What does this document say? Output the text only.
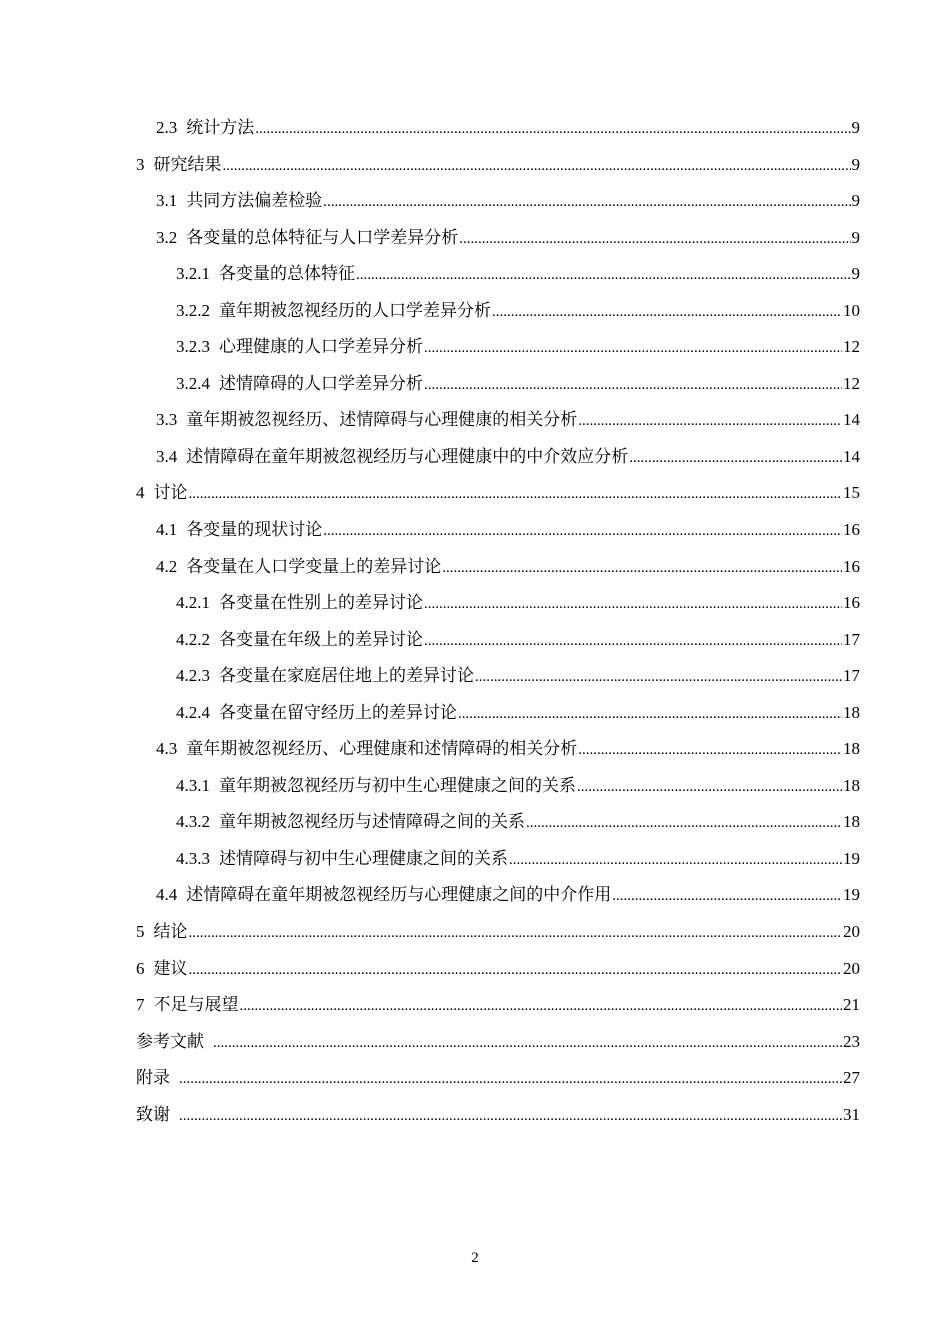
2.3 统计方法 .....	9
3 研究结果 .....	9
3.1 共同方法偏差检验 .....	9
3.2 各变量的总体特征与人口学差异分析 .....	9
3.2.1 各变量的总体特征 .....	9
3.2.2 童年期被忽视经历的人口学差异分析 .....	10
3.2.3 心理健康的人口学差异分析 .....	12
3.2.4 述情障碍的人口学差异分析 .....	12
3.3 童年期被忽视经历、述情障碍与心理健康的相关分析 .....	14
3.4 述情障碍在童年期被忽视经历与心理健康中的中介效应分析 .....	14
4 讨论 .....	15
4.1 各变量的现状讨论 .....	16
4.2 各变量在人口学变量上的差异讨论 .....	16
4.2.1 各变量在性别上的差异讨论 .....	16
4.2.2 各变量在年级上的差异讨论 .....	17
4.2.3 各变量在家庭居住地上的差异讨论 .....	17
4.2.4 各变量在留守经历上的差异讨论 .....	18
4.3 童年期被忽视经历、心理健康和述情障碍的相关分析 .....	18
4.3.1 童年期被忽视经历与初中生心理健康之间的关系 .....	18
4.3.2 童年期被忽视经历与述情障碍之间的关系 .....	18
4.3.3 述情障碍与初中生心理健康之间的关系 .....	19
4.4 述情障碍在童年期被忽视经历与心理健康之间的中介作用 .....	19
5 结论 .....	20
6 建议 .....	20
7 不足与展望 .....	21
参考文献 .....	23
附录 .....	27
致谢 .....	31
2
